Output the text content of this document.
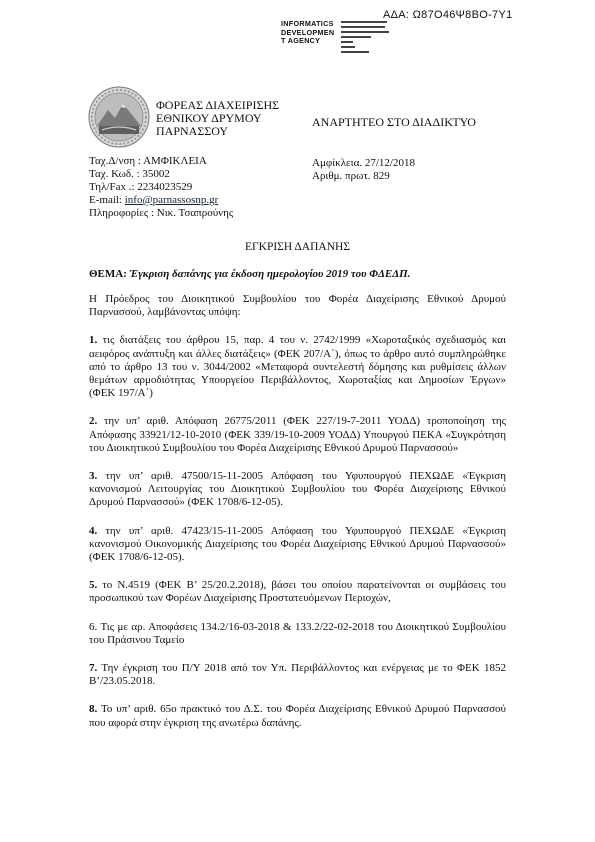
ΑΔΑ: Ω87Ο46Ψ8ΒΟ-7Υ1
INFORMATICS
DEVELOPMEN
T AGENCY
ΦΟΡΕΑΣ ΔΙΑΧΕΙΡΙΣΗΣ
ΕΘΝΙΚΟΥ ΔΡΥΜΟΥ
ΠΑΡΝΑΣΣΟΥ
ΑΝΑΡΤΗΤΕΟ ΣΤΟ ΔΙΑΔΙΚΤΥΟ
Ταχ.Δ/νση : ΑΜΦΙΚΛΕΙΑ
Ταχ. Κωδ. : 35002
Τηλ/Fax .: 2234023529
E-mail: info@parnassosnp.gr
Πληροφορίες : Νικ. Τσαπρούνης
Αμφίκλεια. 27/12/2018
Αριθμ. πρωτ. 829
ΕΓΚΡΙΣΗ ΔΑΠΑΝΗΣ
ΘΕΜΑ: Έγκριση δαπάνης για έκδοση ημερολογίου 2019 του ΦΔΕΔΠ.

Η Πρόεδρος του Διοικητικού Συμβουλίου του Φορέα Διαχείρισης Εθνικού Δρυμού Παρνασσού, λαμβάνοντας υπόψη:

1. τις διατάξεις του άρθρου 15, παρ. 4 του ν. 2742/1999 «Χωροταξικός σχεδιασμός και αειφόρος ανάπτυξη και άλλες διατάξεις» (ΦΕΚ 207/Α΄), όπως το άρθρο αυτό συμπληρώθηκε από το άρθρο 13 του ν. 3044/2002 «Μεταφορά συντελεστή δόμησης και ρυθμίσεις άλλων θεμάτων αρμοδιότητας Υπουργείου Περιβάλλοντος, Χωροταξίας και Δημοσίων Έργων» (ΦΕΚ 197/Α΄)

2. την υπ’ αριθ. Απόφαση 26775/2011 (ΦΕΚ 227/19-7-2011 ΥΟΔΔ) τροποποίηση της Απόφασης 33921/12-10-2010 (ΦΕΚ 339/19-10-2009 ΥΟΔΔ) Υπουργού ΠΕΚΑ «Συγκρότηση του Διοικητικού Συμβουλίου του Φορέα Διαχείρισης Εθνικού Δρυμού Παρνασσού»

3. την υπ’ αριθ. 47500/15-11-2005 Απόφαση του Υφυπουργού ΠΕΧΩΔΕ «Έγκριση κανονισμού Λειτουργίας του Διοικητικού Συμβουλίου του Φορέα Διαχείρισης Εθνικού Δρυμού Παρνασσού» (ΦΕΚ 1708/6-12-05).

4. την υπ’ αριθ. 47423/15-11-2005 Απόφαση του Υφυπουργού ΠΕΧΩΔΕ «Έγκριση κανονισμού Οικονομικής Διαχείρισης του Φορέα Διαχείρισης Εθνικού Δρυμού Παρνασσού» (ΦΕΚ 1708/6-12-05).

5. το Ν.4519 (ΦΕΚ Β’ 25/20.2.2018), βάσει του οποίου παρατείνονται οι συμβάσεις του προσωπικού των Φορέων Διαχείρισης Προστατευόμενων Περιοχών,

6. Τις με αρ. Αποφάσεις 134.2/16-03-2018 & 133.2/22-02-2018 του Διοικητικού Συμβουλίου του Πράσινου Ταμείο

7. Την έγκριση του Π/Υ 2018 από τον Υπ. Περιβάλλοντος και ενέργειας με το ΦΕΚ 1852 Β’/23.05.2018.

8. Το υπ’ αριθ. 65ο πρακτικό του Δ.Σ. του Φορέα Διαχείρισης Εθνικού Δρυμού Παρνασσού που αφορά στην έγκριση της ανωτέρω δαπάνης.
